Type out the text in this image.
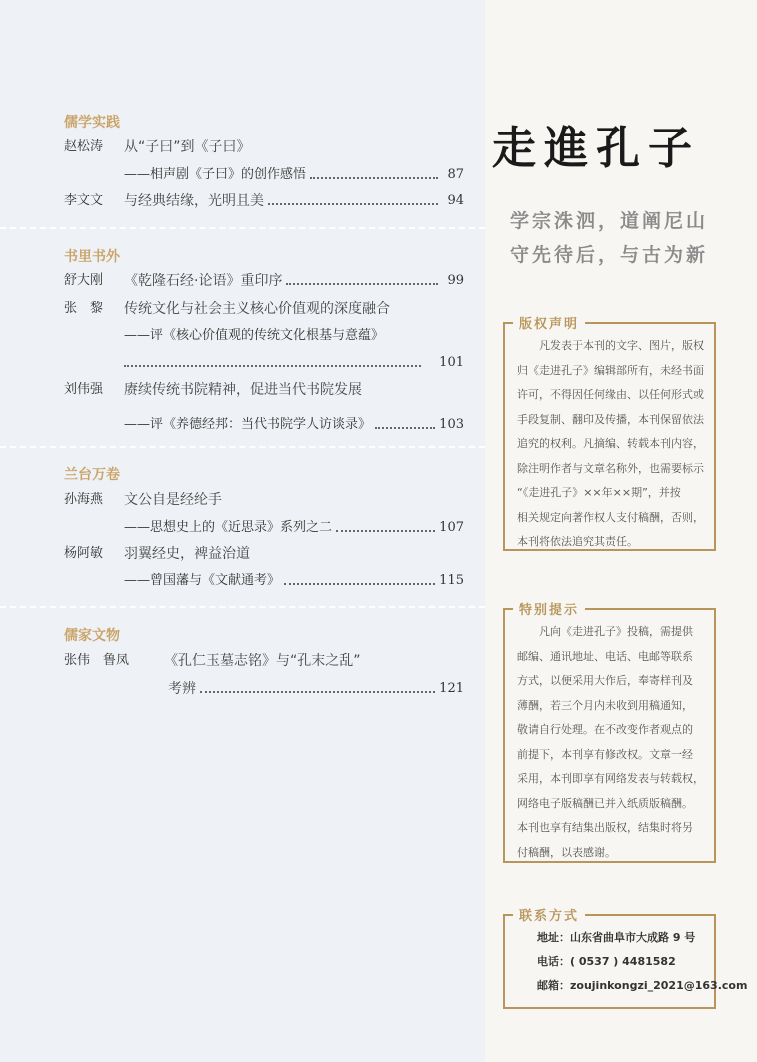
儒学实践
赵松涛	从“子曰”到《子曰》
——相声剧《子曰》的创作感悟	87
李文文	与经典结缘，光明且美	94
书里书外
舒大刚	《乾隆石经·论语》重印序	99
张　黎	传统文化与社会主义核心价值观的深度融合
——评《核心价值观的传统文化根基与意蕴》
101
刘伟强	赓续传统书院精神，促进当代书院发展
——评《养德经邦：当代书院学人访谈录》	103
兰台万卷
孙海燕	文公自是经纶手
——思想史上的《近思录》系列之二	107
杨阿敏	羽翼经史，裨益治道
——曾国藩与《文献通考》	115
儒家文物
张伟　鲁凤	《孔仁玉墓志铭》与“孔末之乱”
考辨	121
走進孔子
学宗洙泗，道阐尼山
守先待后，与古为新
版权声明
凡发表于本刊的文字、图片，版权
归《走进孔子》编辑部所有，未经书面
许可，不得因任何缘由、以任何形式或
手段复制、翻印及传播，本刊保留依法
追究的权利。凡摘编、转载本刊内容，
除注明作者与文章名称外，也需要标示
“《走进孔子》××年××期”，并按
相关规定向著作权人支付稿酬，否则，
本刊将依法追究其责任。
特别提示
凡向《走进孔子》投稿，需提供
邮编、通讯地址、电话、电邮等联系
方式，以便采用大作后，奉寄样刊及
薄酬，若三个月内未收到用稿通知，
敬请自行处理。在不改变作者观点的
前提下，本刊享有修改权。文章一经
采用，本刊即享有网络发表与转载权，
网络电子版稿酬已并入纸质版稿酬。
本刊也享有结集出版权，结集时将另
付稿酬，以表感谢。
联系方式
地址：山东省曲阜市大成路 9 号
电话：( 0537 ) 4481582
邮箱：zoujinkongzi_2021@163.com
